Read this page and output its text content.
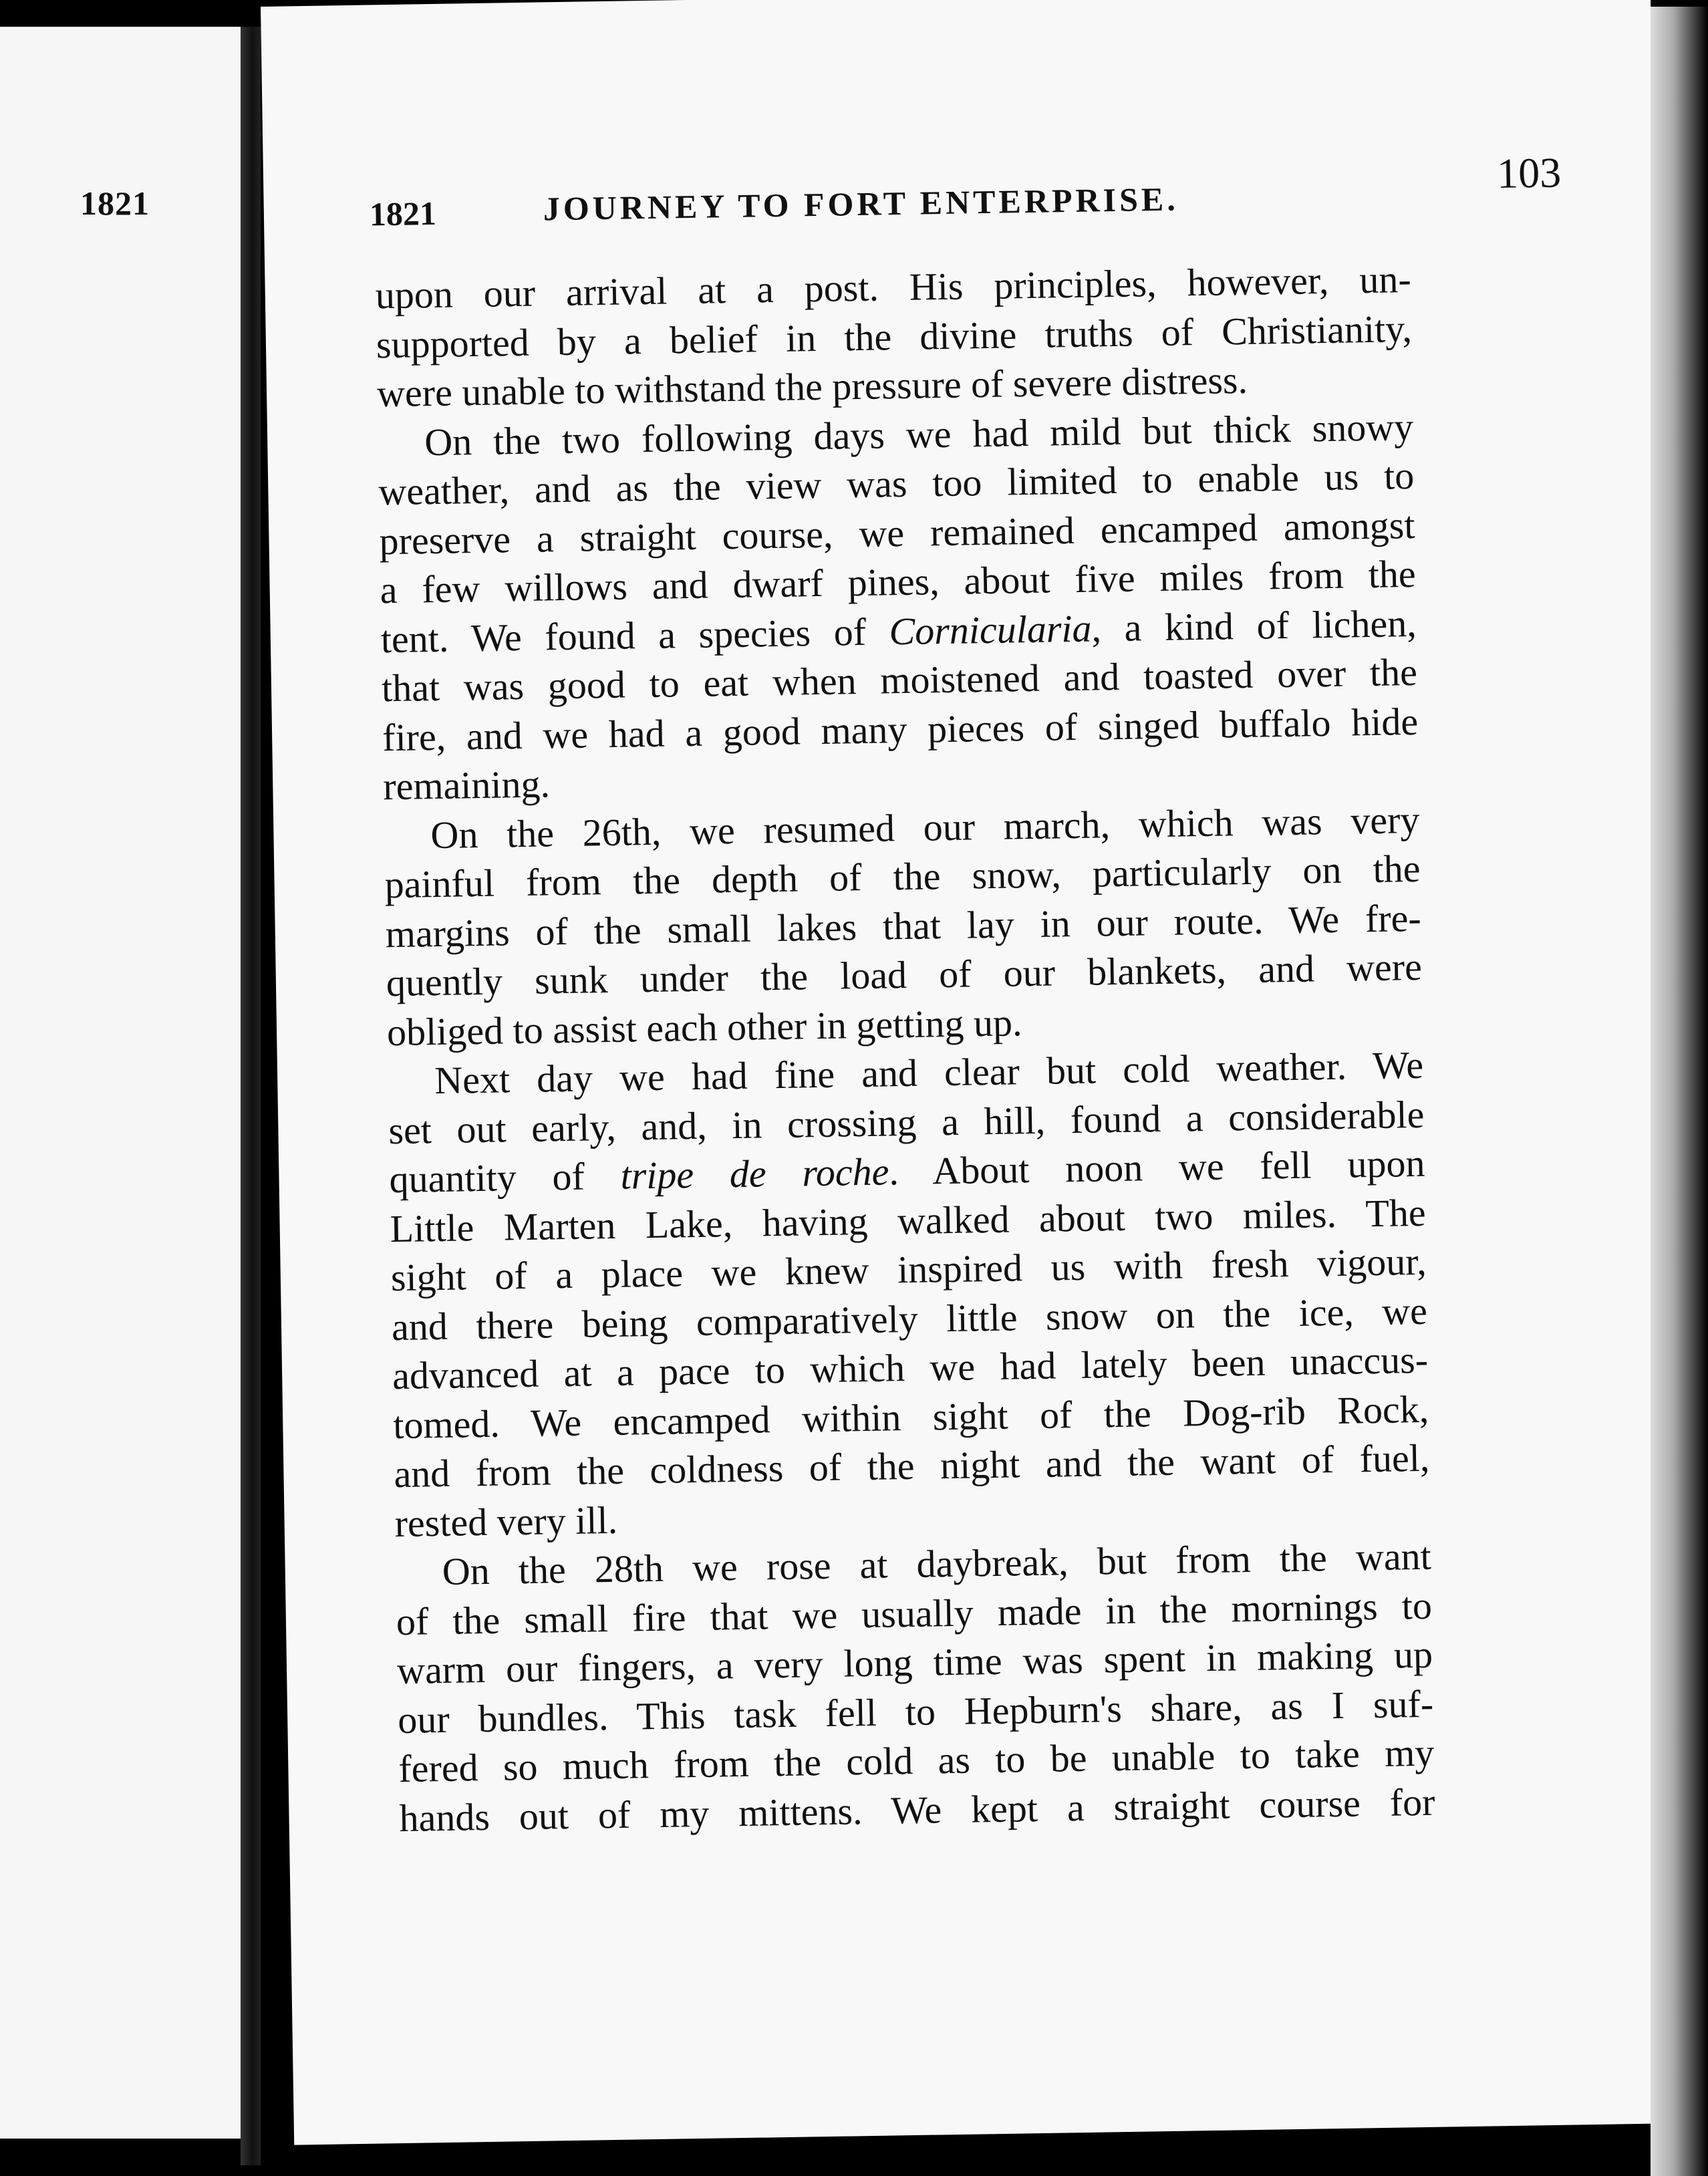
1821
	1821	JOURNEY TO FORT ENTERPRISE.
103
upon our arrival at a post. His principles, however, un-
supported by a belief in the divine truths of Christianity,
were unable to withstand the pressure of severe distress.
On the two following days we had mild but thick snowy
weather, and as the view was too limited to enable us to
preserve a straight course, we remained encamped amongst
a few willows and dwarf pines, about five miles from the
tent. We found a species of Cornicularia, a kind of lichen,
that was good to eat when moistened and toasted over the
fire, and we had a good many pieces of singed buffalo hide
remaining.
On the 26th, we resumed our march, which was very
painful from the depth of the snow, particularly on the
margins of the small lakes that lay in our route. We fre-
quently sunk under the load of our blankets, and were
obliged to assist each other in getting up.
Next day we had fine and clear but cold weather. We
set out early, and, in crossing a hill, found a considerable
quantity of tripe de roche. About noon we fell upon
Little Marten Lake, having walked about two miles. The
sight of a place we knew inspired us with fresh vigour,
and there being comparatively little snow on the ice, we
advanced at a pace to which we had lately been unaccus-
tomed. We encamped within sight of the Dog-rib Rock,
and from the coldness of the night and the want of fuel,
rested very ill.
On the 28th we rose at daybreak, but from the want
of the small fire that we usually made in the mornings to
warm our fingers, a very long time was spent in making up
our bundles. This task fell to Hepburn's share, as I suf-
fered so much from the cold as to be unable to take my
hands out of my mittens. We kept a straight course for
